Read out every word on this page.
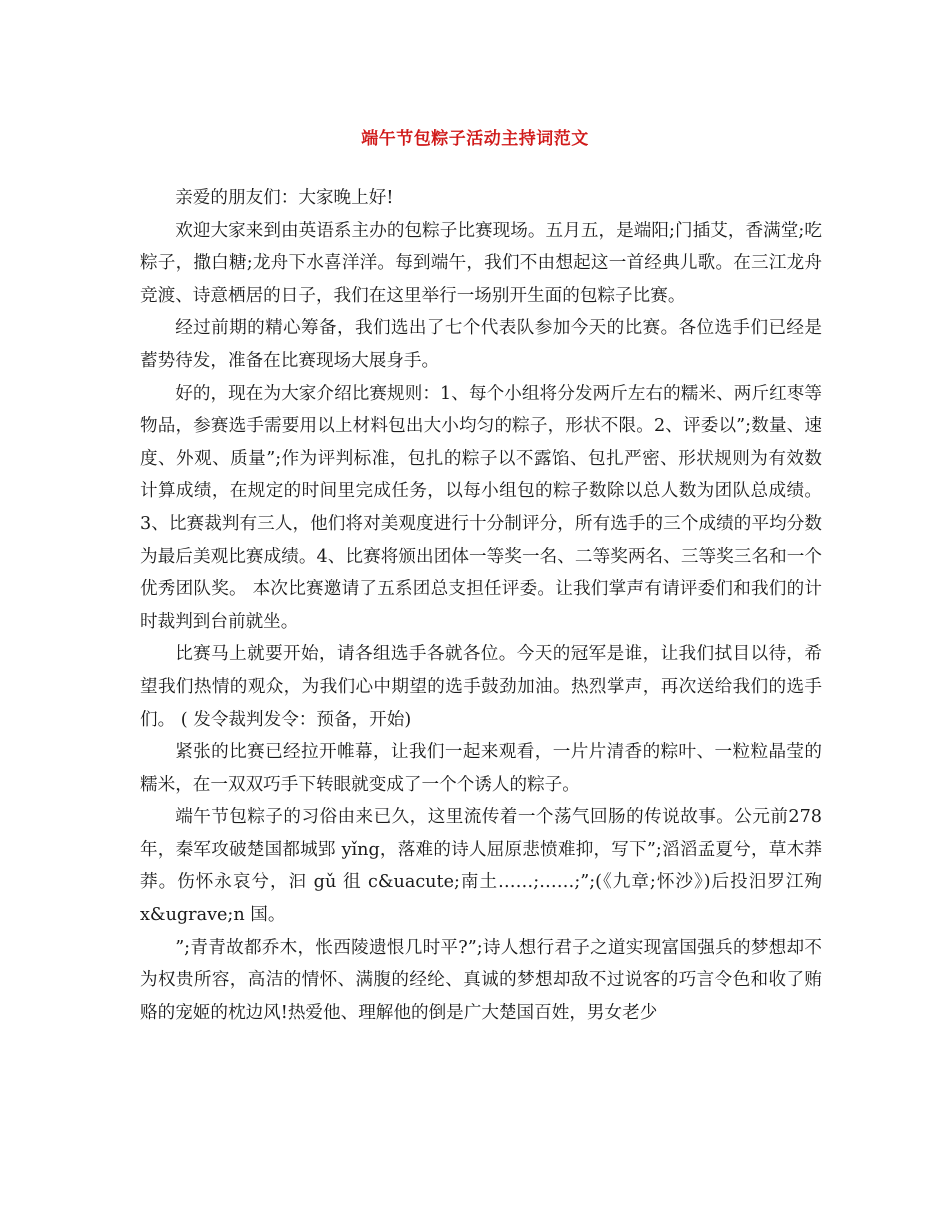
端午节包粽子活动主持词范文

亲爱的朋友们：大家晚上好!

欢迎大家来到由英语系主办的包粽子比赛现场。五月五，是端阳;门插艾，香满堂;吃粽子，撒白糖;龙舟下水喜洋洋。每到端午，我们不由想起这一首经典儿歌。在三江龙舟竞渡、诗意栖居的日子，我们在这里举行一场别开生面的包粽子比赛。

经过前期的精心筹备，我们选出了七个代表队参加今天的比赛。各位选手们已经是蓄势待发，准备在比赛现场大展身手。

好的，现在为大家介绍比赛规则：1、每个小组将分发两斤左右的糯米、两斤红枣等物品，参赛选手需要用以上材料包出大小均匀的粽子，形状不限。2、评委以”;数量、速度、外观、质量”;作为评判标准，包扎的粽子以不露馅、包扎严密、形状规则为有效数计算成绩，在规定的时间里完成任务，以每小组包的粽子数除以总人数为团队总成绩。3、比赛裁判有三人，他们将对美观度进行十分制评分，所有选手的三个成绩的平均分数为最后美观比赛成绩。4、比赛将颁出团体一等奖一名、二等奖两名、三等奖三名和一个优秀团队奖。 本次比赛邀请了五系团总支担任评委。让我们掌声有请评委们和我们的计时裁判到台前就坐。

比赛马上就要开始，请各组选手各就各位。今天的冠军是谁，让我们拭目以待，希望我们热情的观众，为我们心中期望的选手鼓劲加油。热烈掌声，再次送给我们的选手们。 ( 发令裁判发令：预备，开始)

紧张的比赛已经拉开帷幕，让我们一起来观看，一片片清香的粽叶、一粒粒晶莹的糯米，在一双双巧手下转眼就变成了一个个诱人的粽子。

端午节包粽子的习俗由来已久，这里流传着一个荡气回肠的传说故事。公元前278年，秦军攻破楚国都城郢 yǐng，落难的诗人屈原悲愤难抑，写下”;滔滔孟夏兮，草木莽莽。伤怀永哀兮，汩 gǔ 徂 c&uacute;南土……;……;”;(《九章;怀沙》)后投汨罗江殉 x&ugrave;n 国。

”;青青故都乔木，怅西陵遗恨几时平?”;诗人想行君子之道实现富国强兵的梦想却不为权贵所容，高洁的情怀、满腹的经纶、真诚的梦想却敌不过说客的巧言令色和收了贿赂的宠姬的枕边风!热爱他、理解他的倒是广大楚国百姓，男女老少
